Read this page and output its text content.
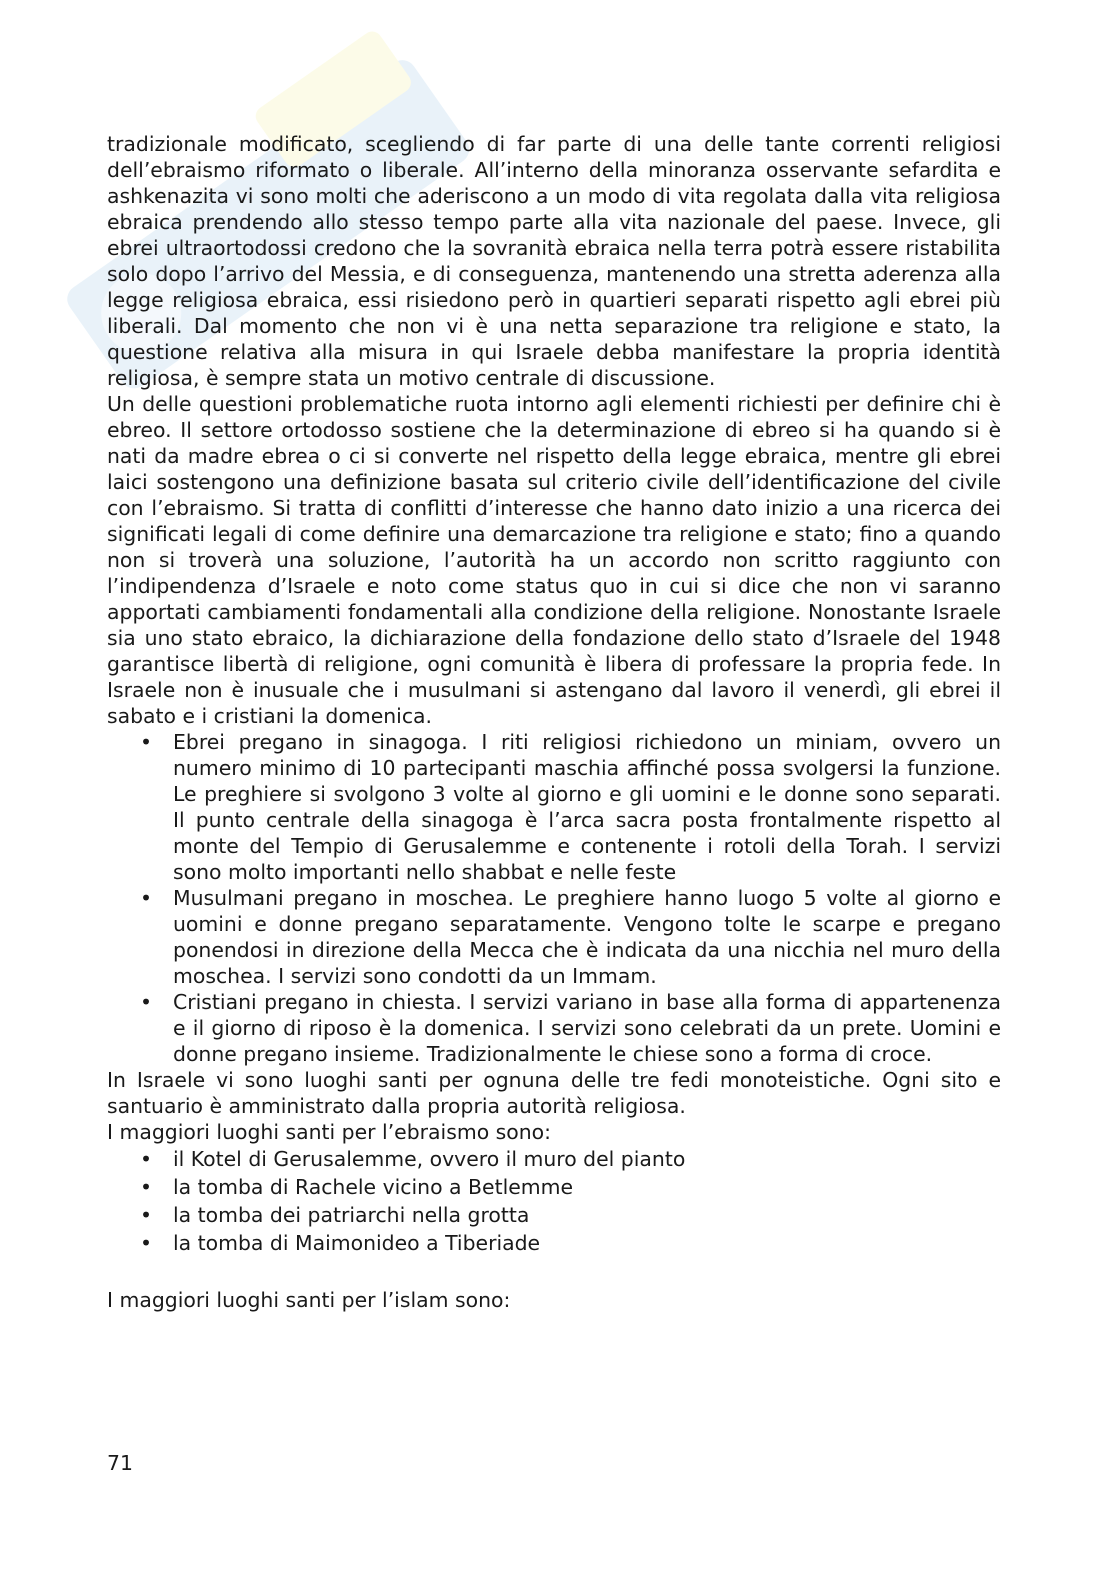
tradizionale modificato, scegliendo di far parte di una delle tante correnti religiosi dell’ebraismo riformato o liberale. All’interno della minoranza osservante sefardita e ashkenazita vi sono molti che aderiscono a un modo di vita regolata dalla vita religiosa ebraica prendendo allo stesso tempo parte alla vita nazionale del paese. Invece, gli ebrei ultraortodossi credono che la sovranità ebraica nella terra potrà essere ristabilita solo dopo l’arrivo del Messia, e di conseguenza, mantenendo una stretta aderenza alla legge religiosa ebraica, essi risiedono però in quartieri separati rispetto agli ebrei più liberali. Dal momento che non vi è una netta separazione tra religione e stato, la questione relativa alla misura in qui Israele debba manifestare la propria identità religiosa, è sempre stata un motivo centrale di discussione.

Un delle questioni problematiche ruota intorno agli elementi richiesti per definire chi è ebreo. Il settore ortodosso sostiene che la determinazione di ebreo si ha quando si è nati da madre ebrea o ci si converte nel rispetto della legge ebraica, mentre gli ebrei laici sostengono una definizione basata sul criterio civile dell’identificazione del civile con l’ebraismo. Si tratta di conflitti d’interesse che hanno dato inizio a una ricerca dei significati legali di come definire una demarcazione tra religione e stato; fino a quando non si troverà una soluzione, l’autorità ha un accordo non scritto raggiunto con l’indipendenza d’Israele e noto come status quo in cui si dice che non vi saranno apportati cambiamenti fondamentali alla condizione della religione. Nonostante Israele sia uno stato ebraico, la dichiarazione della fondazione dello stato d’Israele del 1948 garantisce libertà di religione, ogni comunità è libera di professare la propria fede. In Israele non è inusuale che i musulmani si astengano dal lavoro il venerdì, gli ebrei il sabato e i cristiani la domenica.

• Ebrei pregano in sinagoga. I riti religiosi richiedono un miniam, ovvero un numero minimo di 10 partecipanti maschia affinché possa svolgersi la funzione. Le preghiere si svolgono 3 volte al giorno e gli uomini e le donne sono separati. Il punto centrale della sinagoga è l’arca sacra posta frontalmente rispetto al monte del Tempio di Gerusalemme e contenente i rotoli della Torah. I servizi sono molto importanti nello shabbat e nelle feste
• Musulmani pregano in moschea. Le preghiere hanno luogo 5 volte al giorno e uomini e donne pregano separatamente. Vengono tolte le scarpe e pregano ponendosi in direzione della Mecca che è indicata da una nicchia nel muro della moschea. I servizi sono condotti da un Immam.
• Cristiani pregano in chiesta. I servizi variano in base alla forma di appartenenza e il giorno di riposo è la domenica. I servizi sono celebrati da un prete. Uomini e donne pregano insieme. Tradizionalmente le chiese sono a forma di croce.

In Israele vi sono luoghi santi per ognuna delle tre fedi monoteistiche. Ogni sito e santuario è amministrato dalla propria autorità religiosa.

I maggiori luoghi santi per l’ebraismo sono:

• il Kotel di Gerusalemme, ovvero il muro del pianto
• la tomba di Rachele vicino a Betlemme
• la tomba dei patriarchi nella grotta
• la tomba di Maimonideo a Tiberiade

I maggiori luoghi santi per l’islam sono:

71
